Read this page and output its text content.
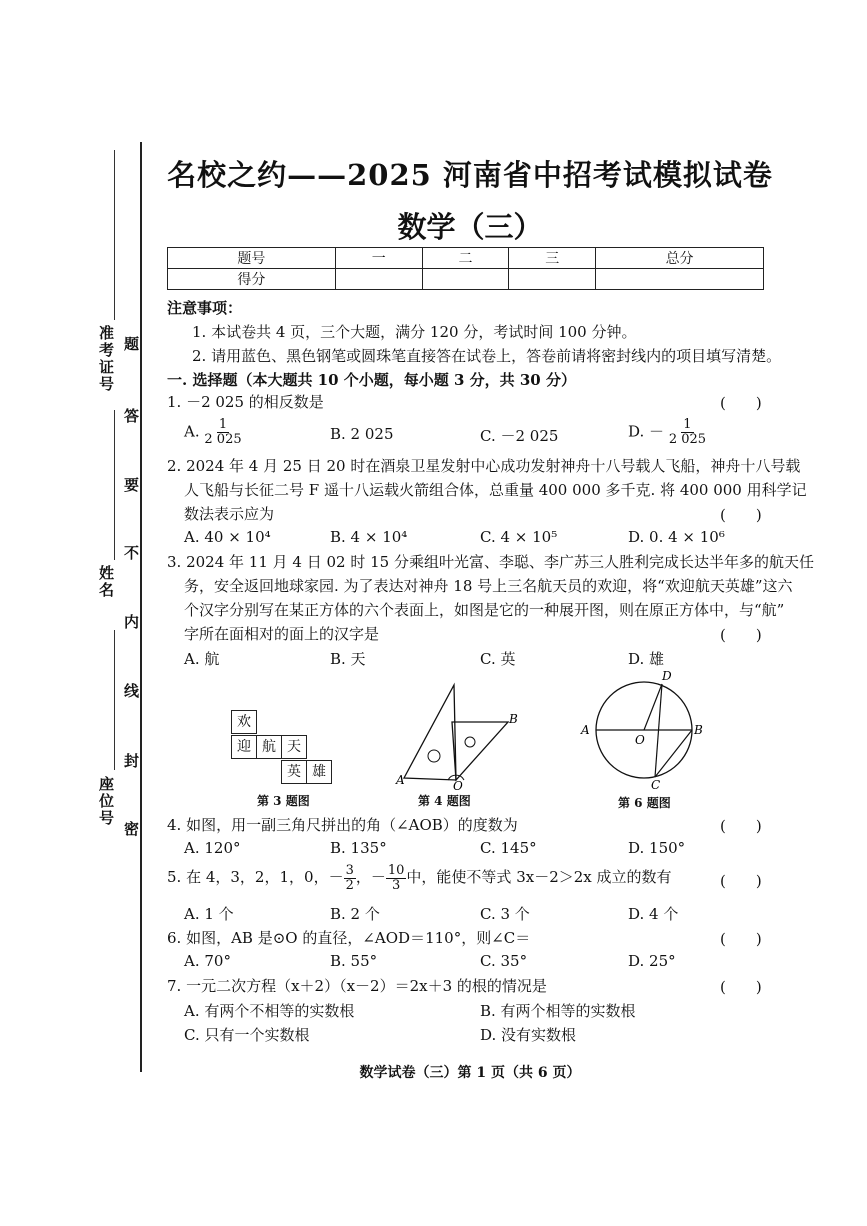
准考证号
姓名
座位号
题
答
要
不
内
线
封
密
名校之约——2025 河南省中招考试模拟试卷
数学（三）
题号	一	二	三	总分
得分				
注意事项：
1. 本试卷共 4 页，三个大题，满分 120 分，考试时间 100 分钟。
2. 请用蓝色、黑色钢笔或圆珠笔直接答在试卷上，答卷前请将密封线内的项目填写清楚。
一. 选择题（本大题共 10 个小题，每小题 3 分，共 30 分）
1. －2 025 的相反数是	(　　)
A. $\frac{1}{2 025}$	B. 2 025	C. －2 025	D. － $\frac{1}{2 025}$
2. 2024 年 4 月 25 日 20 时在酒泉卫星发射中心成功发射神舟十八号载人飞船，神舟十八号载
人飞船与长征二号 F 遥十八运载火箭组合体，总重量 400 000 多千克. 将 400 000 用科学记
数法表示应为	(　　)
A. 40 × 10⁴	B. 4 × 10⁴	C. 4 × 10⁵	D. 0. 4 × 10⁶
3. 2024 年 11 月 4 日 02 时 15 分乘组叶光富、李聪、李广苏三人胜利完成长达半年多的航天任
务，安全返回地球家园. 为了表达对神舟 18 号上三名航天员的欢迎，将“欢迎航天英雄”这六
个汉字分别写在某正方体的六个表面上，如图是它的一种展开图，则在原正方体中，与“航”
字所在面相对的面上的汉字是	(　　)
A. 航	B. 天	C. 英	D. 雄
欢
迎 航 天
英 雄
第 3 题图
A	O
B
第 4 题图
D
A
O
B
C
第 6 题图
4. 如图，用一副三角尺拼出的角（∠AOB）的度数为	(　　)
A. 120°	B. 135°	C. 145°	D. 150°
5. 在 4，3，2，1，0，－ $\frac{3}{2}$ ，－ $\frac{10}{3}$ 中，能使不等式 3x－2＞2x 成立的数有	(　　)
A. 1 个	B. 2 个	C. 3 个	D. 4 个
6. 如图，AB 是⊙O 的直径，∠AOD＝110°，则∠C＝	(　　)
A. 70°	B. 55°	C. 35°	D. 25°
7. 一元二次方程（x＋2）（x－2）＝2x＋3 的根的情况是	(　　)
A. 有两个不相等的实数根	B. 有两个相等的实数根
C. 只有一个实数根	D. 没有实数根
数学试卷（三）第 1 页（共 6 页）
